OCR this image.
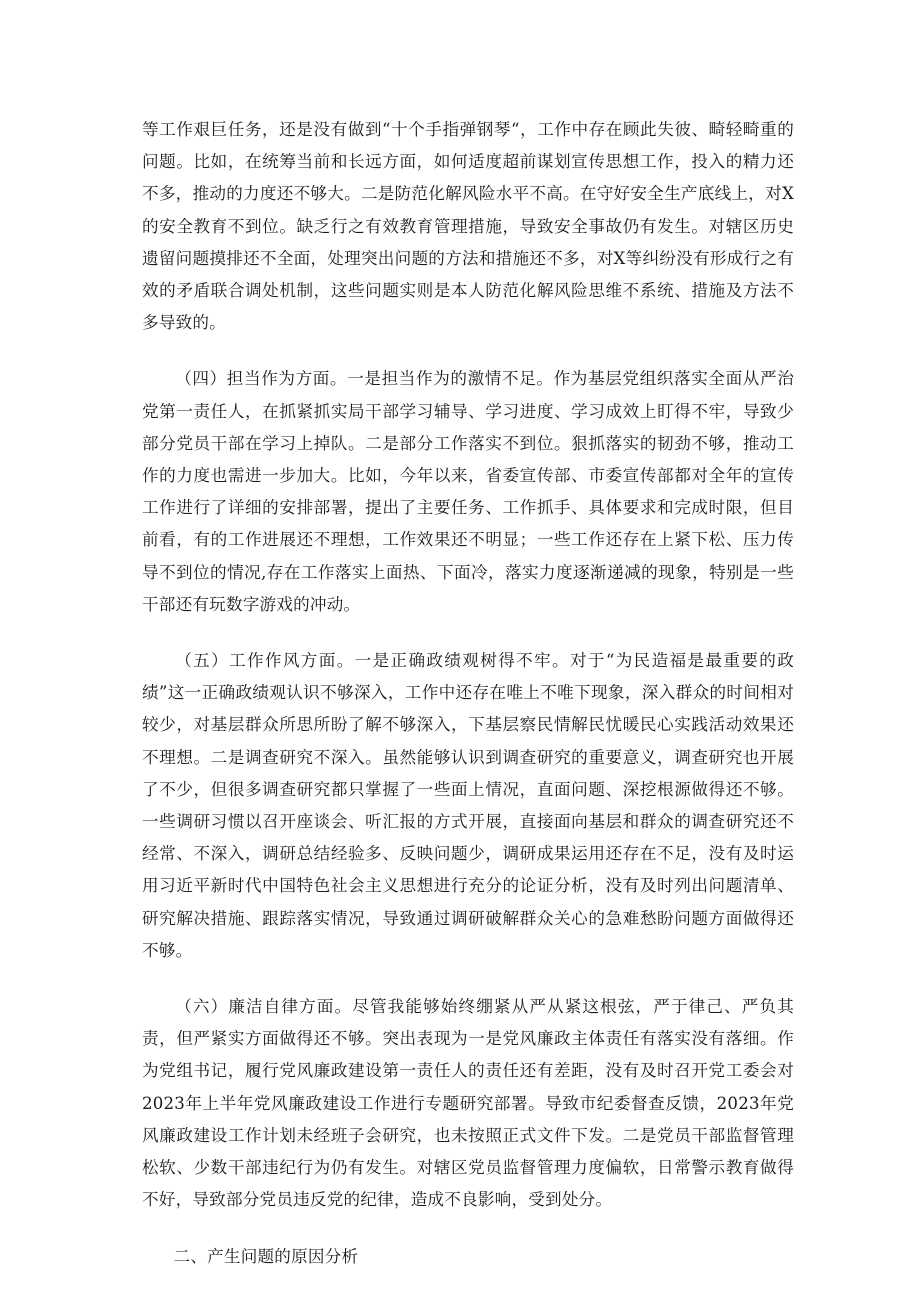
等工作艰巨任务，还是没有做到“十个手指弹钢琴“，工作中存在顾此失彼、畸轻畸重的问题。比如，在统筹当前和长远方面，如何适度超前谋划宣传思想工作，投入的精力还不多，推动的力度还不够大。二是防范化解风险水平不高。在守好安全生产底线上，对X的安全教育不到位。缺乏行之有效教育管理措施，导致安全事故仍有发生。对辖区历史遗留问题摸排还不全面，处理突出问题的方法和措施还不多，对X等纠纷没有形成行之有效的矛盾联合调处机制，这些问题实则是本人防范化解风险思维不系统、措施及方法不多导致的。

（四）担当作为方面。一是担当作为的激情不足。作为基层党组织落实全面从严治党第一责任人，在抓紧抓实局干部学习辅导、学习进度、学习成效上盯得不牢，导致少部分党员干部在学习上掉队。二是部分工作落实不到位。狠抓落实的韧劲不够，推动工作的力度也需进一步加大。比如，今年以来，省委宣传部、市委宣传部都对全年的宣传工作进行了详细的安排部署，提出了主要任务、工作抓手、具体要求和完成时限，但目前看，有的工作进展还不理想，工作效果还不明显；一些工作还存在上紧下松、压力传导不到位的情况,存在工作落实上面热、下面冷，落实力度逐渐递减的现象，特别是一些干部还有玩数字游戏的冲动。

（五）工作作风方面。一是正确政绩观树得不牢。对于“为民造福是最重要的政绩”这一正确政绩观认识不够深入，工作中还存在唯上不唯下现象，深入群众的时间相对较少，对基层群众所思所盼了解不够深入，下基层察民情解民忧暖民心实践活动效果还不理想。二是调查研究不深入。虽然能够认识到调查研究的重要意义，调查研究也开展了不少，但很多调查研究都只掌握了一些面上情况，直面问题、深挖根源做得还不够。一些调研习惯以召开座谈会、听汇报的方式开展，直接面向基层和群众的调查研究还不经常、不深入，调研总结经验多、反映问题少，调研成果运用还存在不足，没有及时运用习近平新时代中国特色社会主义思想进行充分的论证分析，没有及时列出问题清单、研究解决措施、跟踪落实情况，导致通过调研破解群众关心的急难愁盼问题方面做得还不够。

（六）廉洁自律方面。尽管我能够始终绷紧从严从紧这根弦，严于律己、严负其责，但严紧实方面做得还不够。突出表现为一是党风廉政主体责任有落实没有落细。作为党组书记，履行党风廉政建设第一责任人的责任还有差距，没有及时召开党工委会对2023年上半年党风廉政建设工作进行专题研究部署。导致市纪委督查反馈，2023年党风廉政建设工作计划未经班子会研究，也未按照正式文件下发。二是党员干部监督管理松软、少数干部违纪行为仍有发生。对辖区党员监督管理力度偏软，日常警示教育做得不好，导致部分党员违反党的纪律，造成不良影响，受到处分。

二、产生问题的原因分析
